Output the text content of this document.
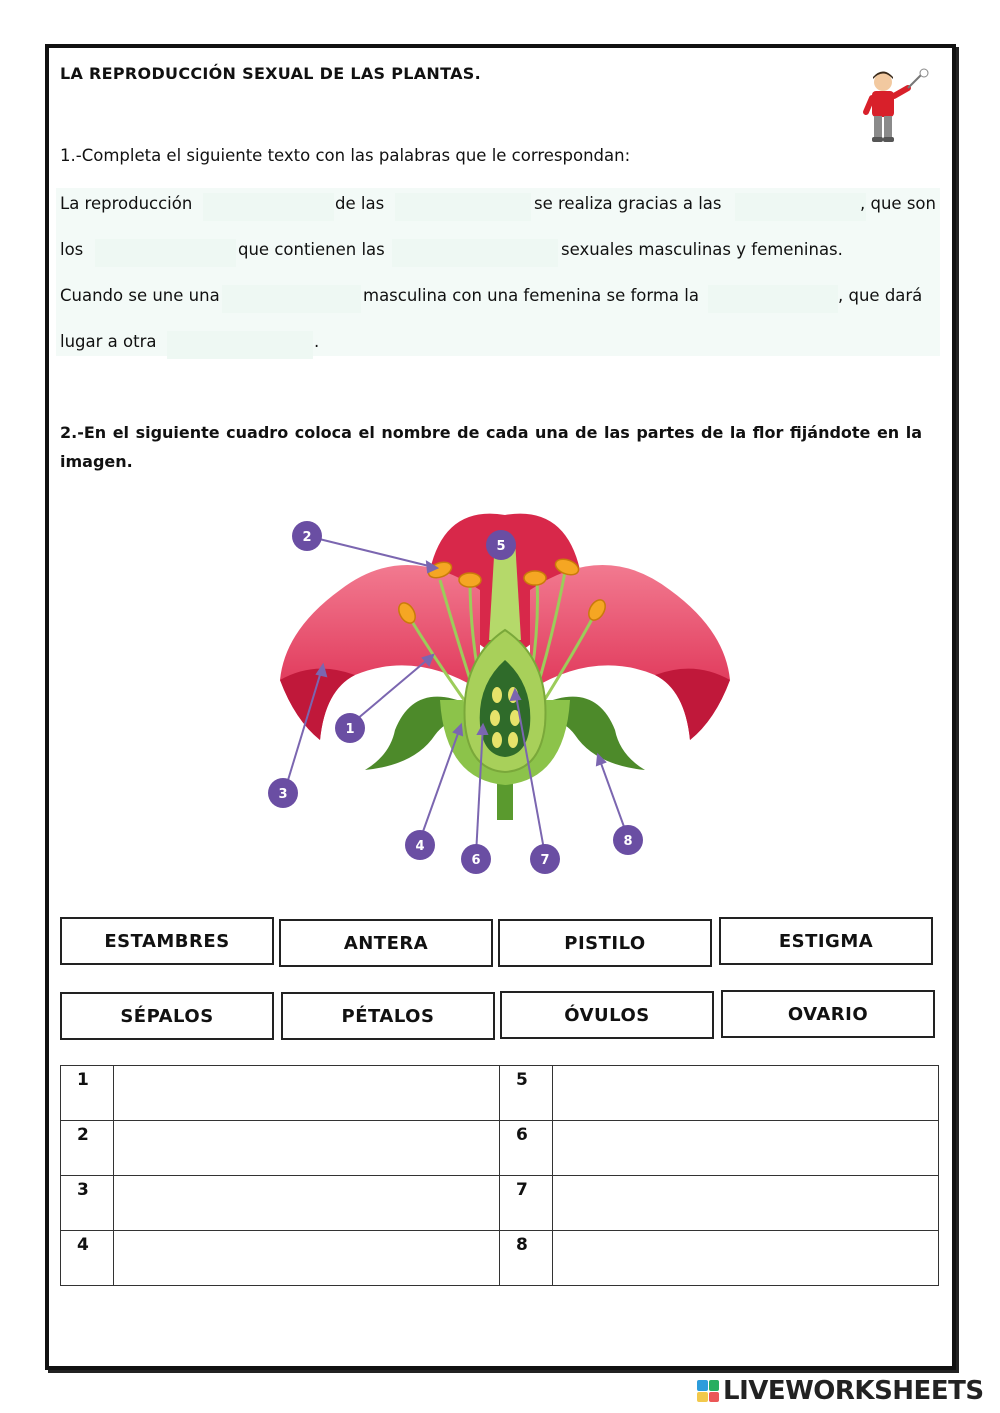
LA REPRODUCCIÓN SEXUAL DE LAS PLANTAS.
1.-Completa el siguiente texto con las palabras que le correspondan:
La reproducción	de las	se realiza gracias a las	, que son
los	que contienen las	sexuales masculinas y femeninas.
Cuando se une una	masculina con una femenina se forma la	, que dará
lugar a otra	.
2.-En el siguiente cuadro coloca el nombre de cada una de las partes de la flor fijándote en la imagen.
2
5
1
3
4
6	7
8
ESTAMBRES	ANTERA	PISTILO	ESTIGMA
SÉPALOS	PÉTALOS	ÓVULOS	OVARIO
1		5	
2		6	
3		7	
4		8	
LIVEWORKSHEETS
